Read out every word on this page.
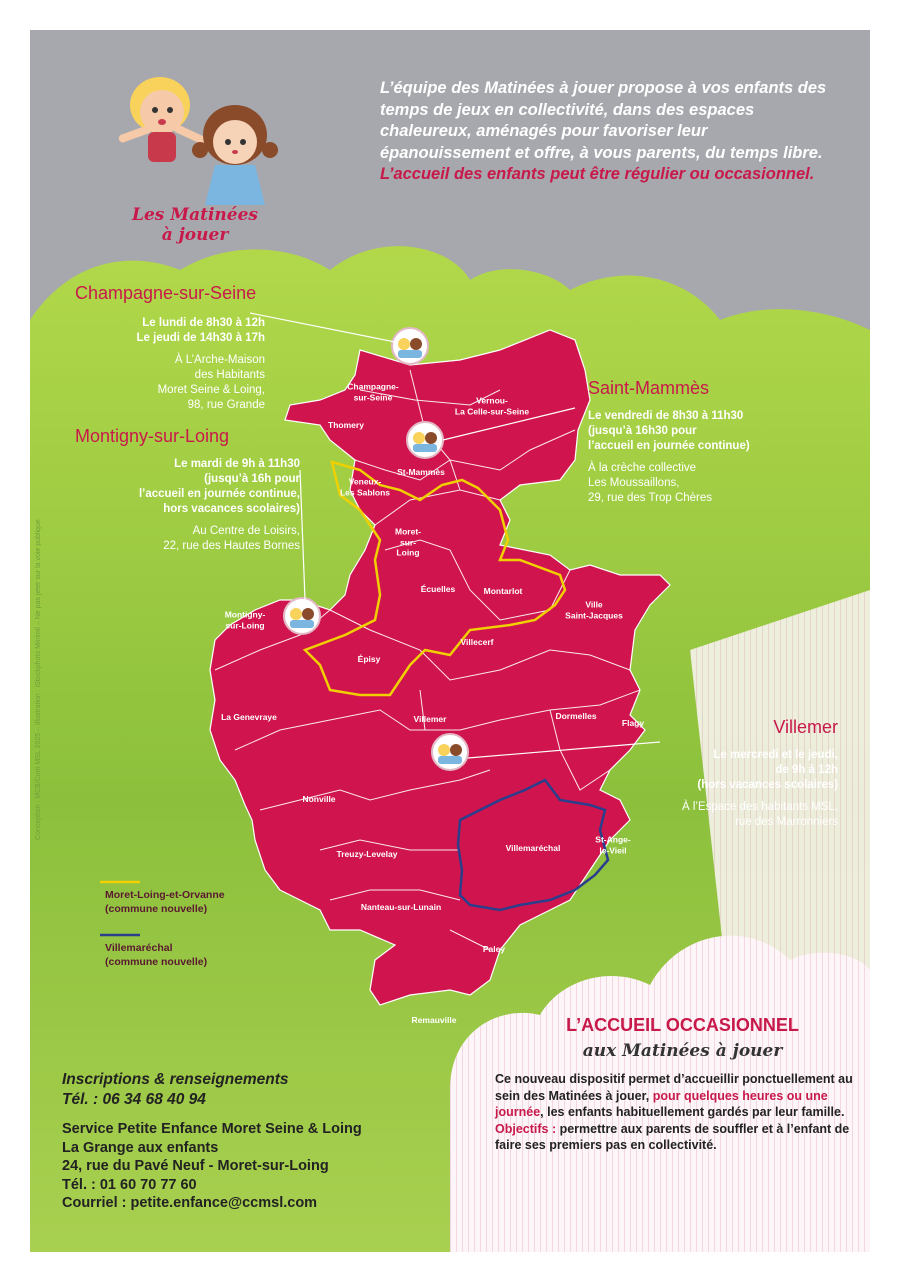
Les Matinées
à jouer
L’équipe des Matinées à jouer propose à vos enfants des temps de jeux en collectivité, dans des espaces chaleureux, aménagés pour favoriser leur épanouissement et offre, à vous parents, du temps libre.
L’accueil des enfants peut être régulier ou occasionnel.
Champagne-
sur-Seine	Vernou-
La Celle-sur-Seine
Thomery
St-Mammès
Veneux-
Les Sablons
Moret-
sur-
Loing
Écuelles	Montarlot
Ville
Saint-Jacques
Montigny-
sur-Loing
Épisy
Villecerf
La Genevraye	Villemer	Dormelles
Flagy
Nonville
Villemaréchal
St-Ange-
le-Vieil
Treuzy-Levelay
Nanteau-sur-Lunain
Paley
Remauville
Champagne-sur-Seine
Le lundi de 8h30 à 12h
Le jeudi de 14h30 à 17h
À L’Arche-Maison
des Habitants
Moret Seine & Loing,
98, rue Grande
Montigny-sur-Loing
Le mardi de 9h à 11h30
(jusqu’à 16h pour
l’accueil en journée continue,
hors vacances scolaires)
Au Centre de Loisirs,
22, rue des Hautes Bornes
Saint-Mammès
Le vendredi de 8h30 à 11h30
(jusqu’à 16h30 pour
l’accueil en journée continue)
À la crèche collective
Les Moussaillons,
29, rue des Trop Chères
Villemer
Le mercredi et le jeudi,
de 9h à 12h
(hors vacances scolaires)
À l’Espace des habitants MSL,
rue des Marronniers
Moret-Loing-et-Orvanne
(commune nouvelle)
Villemaréchal
(commune nouvelle)
Inscriptions & renseignements
Tél. : 06 34 68 40 94
Service Petite Enfance Moret Seine & Loing
La Grange aux enfants
24, rue du Pavé Neuf - Moret-sur-Loing
Tél. : 01 60 70 77 60
Courriel : petite.enfance@ccmsl.com
L’ACCUEIL OCCASIONNEL
aux Matinées à jouer
Ce nouveau dispositif permet d’accueillir ponctuellement au sein des Matinées à jouer, pour quelques heures ou une journée, les enfants habituellement gardés par leur famille. Objectifs : permettre aux parents de souffler et à l’enfant de faire ses premiers pas en collectivité.
Conception : MCB/Com MSL 2025 – Illustration : iStockphoto Minimil – Ne pas jeter sur la voie publique
